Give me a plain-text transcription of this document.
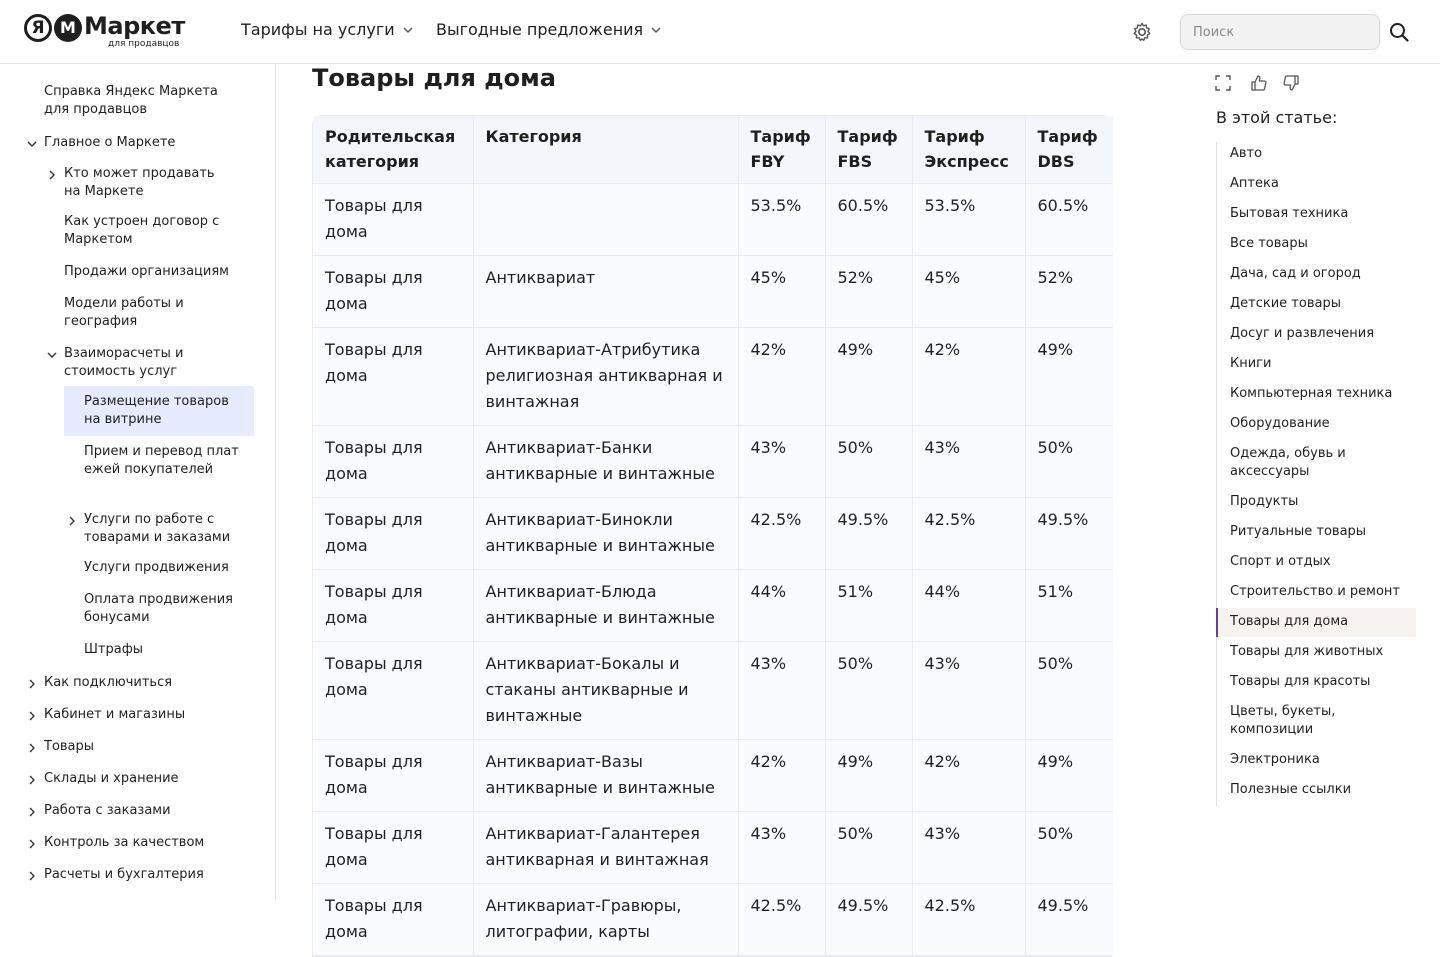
Я M Маркет
для продавцов
Тарифы на услуги	Выгодные предложения
Поиск
Справка Яндекс Маркета для продавцов
Главное о Маркете
Кто может продавать на Маркете
Как устроен договор с Маркетом
Продажи организациям
Модели работы и география
Взаиморасчеты и стоимость услуг
Размещение товаров на витрине
Прием и перевод платежей покупателей
Услуги по работе с товарами и заказами
Услуги продвижения
Оплата продвижения бонусами
Штрафы
Как подключиться
Кабинет и магазины
Товары
Склады и хранение
Работа с заказами
Контроль за качеством
Расчеты и бухгалтерия
Товары для дома
Родительская категория	Категория	Тариф FBY	Тариф FBS	Тариф Экспресс	Тариф DBS
Товары для дома		53.5%	60.5%	53.5%	60.5%
Товары для дома	Антиквариат	45%	52%	45%	52%
Товары для дома	Антиквариат-Атрибутика религиозная антикварная и винтажная	42%	49%	42%	49%
Товары для дома	Антиквариат-Банки антикварные и винтажные	43%	50%	43%	50%
Товары для дома	Антиквариат-Бинокли антикварные и винтажные	42.5%	49.5%	42.5%	49.5%
Товары для дома	Антиквариат-Блюда антикварные и винтажные	44%	51%	44%	51%
Товары для дома	Антиквариат-Бокалы и стаканы антикварные и винтажные	43%	50%	43%	50%
Товары для дома	Антиквариат-Вазы антикварные и винтажные	42%	49%	42%	49%
Товары для дома	Антиквариат-Галантерея антикварная и винтажная	43%	50%	43%	50%
Товары для дома	Антиквариат-Гравюры, литографии, карты	42.5%	49.5%	42.5%	49.5%
В этой статье:
Авто
Аптека
Бытовая техника
Все товары
Дача, сад и огород
Детские товары
Досуг и развлечения
Книги
Компьютерная техника
Оборудование
Одежда, обувь и аксессуары
Продукты
Ритуальные товары
Спорт и отдых
Строительство и ремонт
Товары для дома
Товары для животных
Товары для красоты
Цветы, букеты, композиции
Электроника
Полезные ссылки
